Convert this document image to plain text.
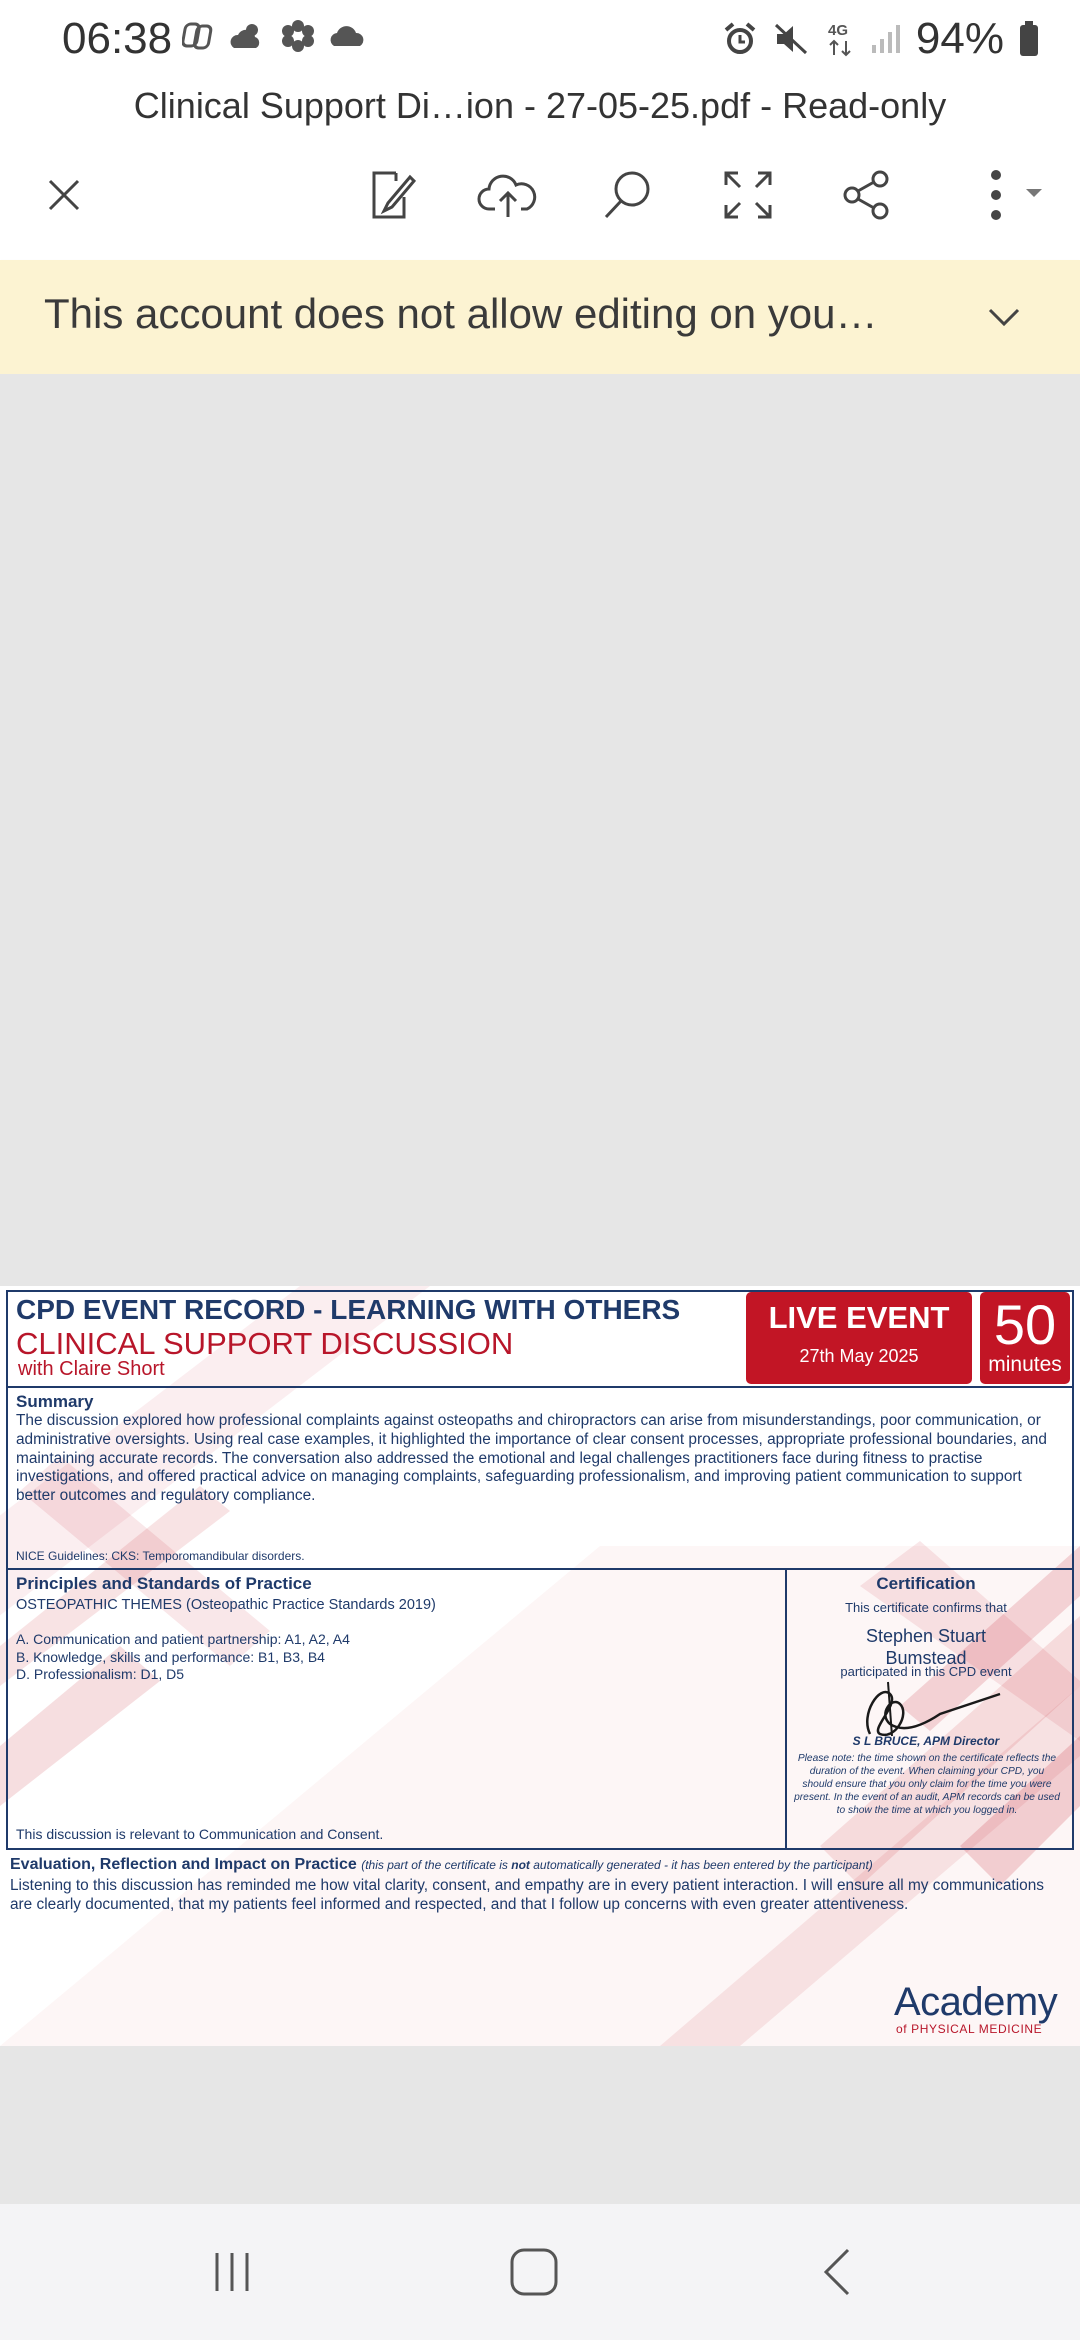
06:38	4G 94%
Clinical Support Di…ion - 27-05-25.pdf - Read-only
This account does not allow editing on you…
CPD EVENT RECORD - LEARNING WITH OTHERS
CLINICAL SUPPORT DISCUSSION
with Claire Short
LIVE EVENT
27th May 2025	50
minutes
Summary
The discussion explored how professional complaints against osteopaths and chiropractors can arise from misunderstandings, poor communication, or administrative oversights. Using real case examples, it highlighted the importance of clear consent processes, appropriate professional boundaries, and maintaining accurate records. The conversation also addressed the emotional and legal challenges practitioners face during fitness to practise investigations, and offered practical advice on managing complaints, safeguarding professionalism, and improving patient communication to support better outcomes and regulatory compliance.
NICE Guidelines: CKS: Temporomandibular disorders.
Principles and Standards of Practice
OSTEOPATHIC THEMES (Osteopathic Practice Standards 2019)
A. Communication and patient partnership: A1, A2, A4
B. Knowledge, skills and performance: B1, B3, B4
D. Professionalism: D1, D5
This discussion is relevant to Communication and Consent.
Certification
This certificate confirms that
Stephen Stuart Bumstead
participated in this CPD event
S L BRUCE, APM Director
Please note: the time shown on the certificate reflects the duration of the event. When claiming your CPD, you should ensure that you only claim for the time you were present. In the event of an audit, APM records can be used to show the time at which you logged in.
Evaluation, Reflection and Impact on Practice (this part of the certificate is not automatically generated - it has been entered by the participant)
Listening to this discussion has reminded me how vital clarity, consent, and empathy are in every patient interaction. I will ensure all my communications are clearly documented, that my patients feel informed and respected, and that I follow up concerns with even greater attentiveness.
Academy
of PHYSICAL MEDICINE
